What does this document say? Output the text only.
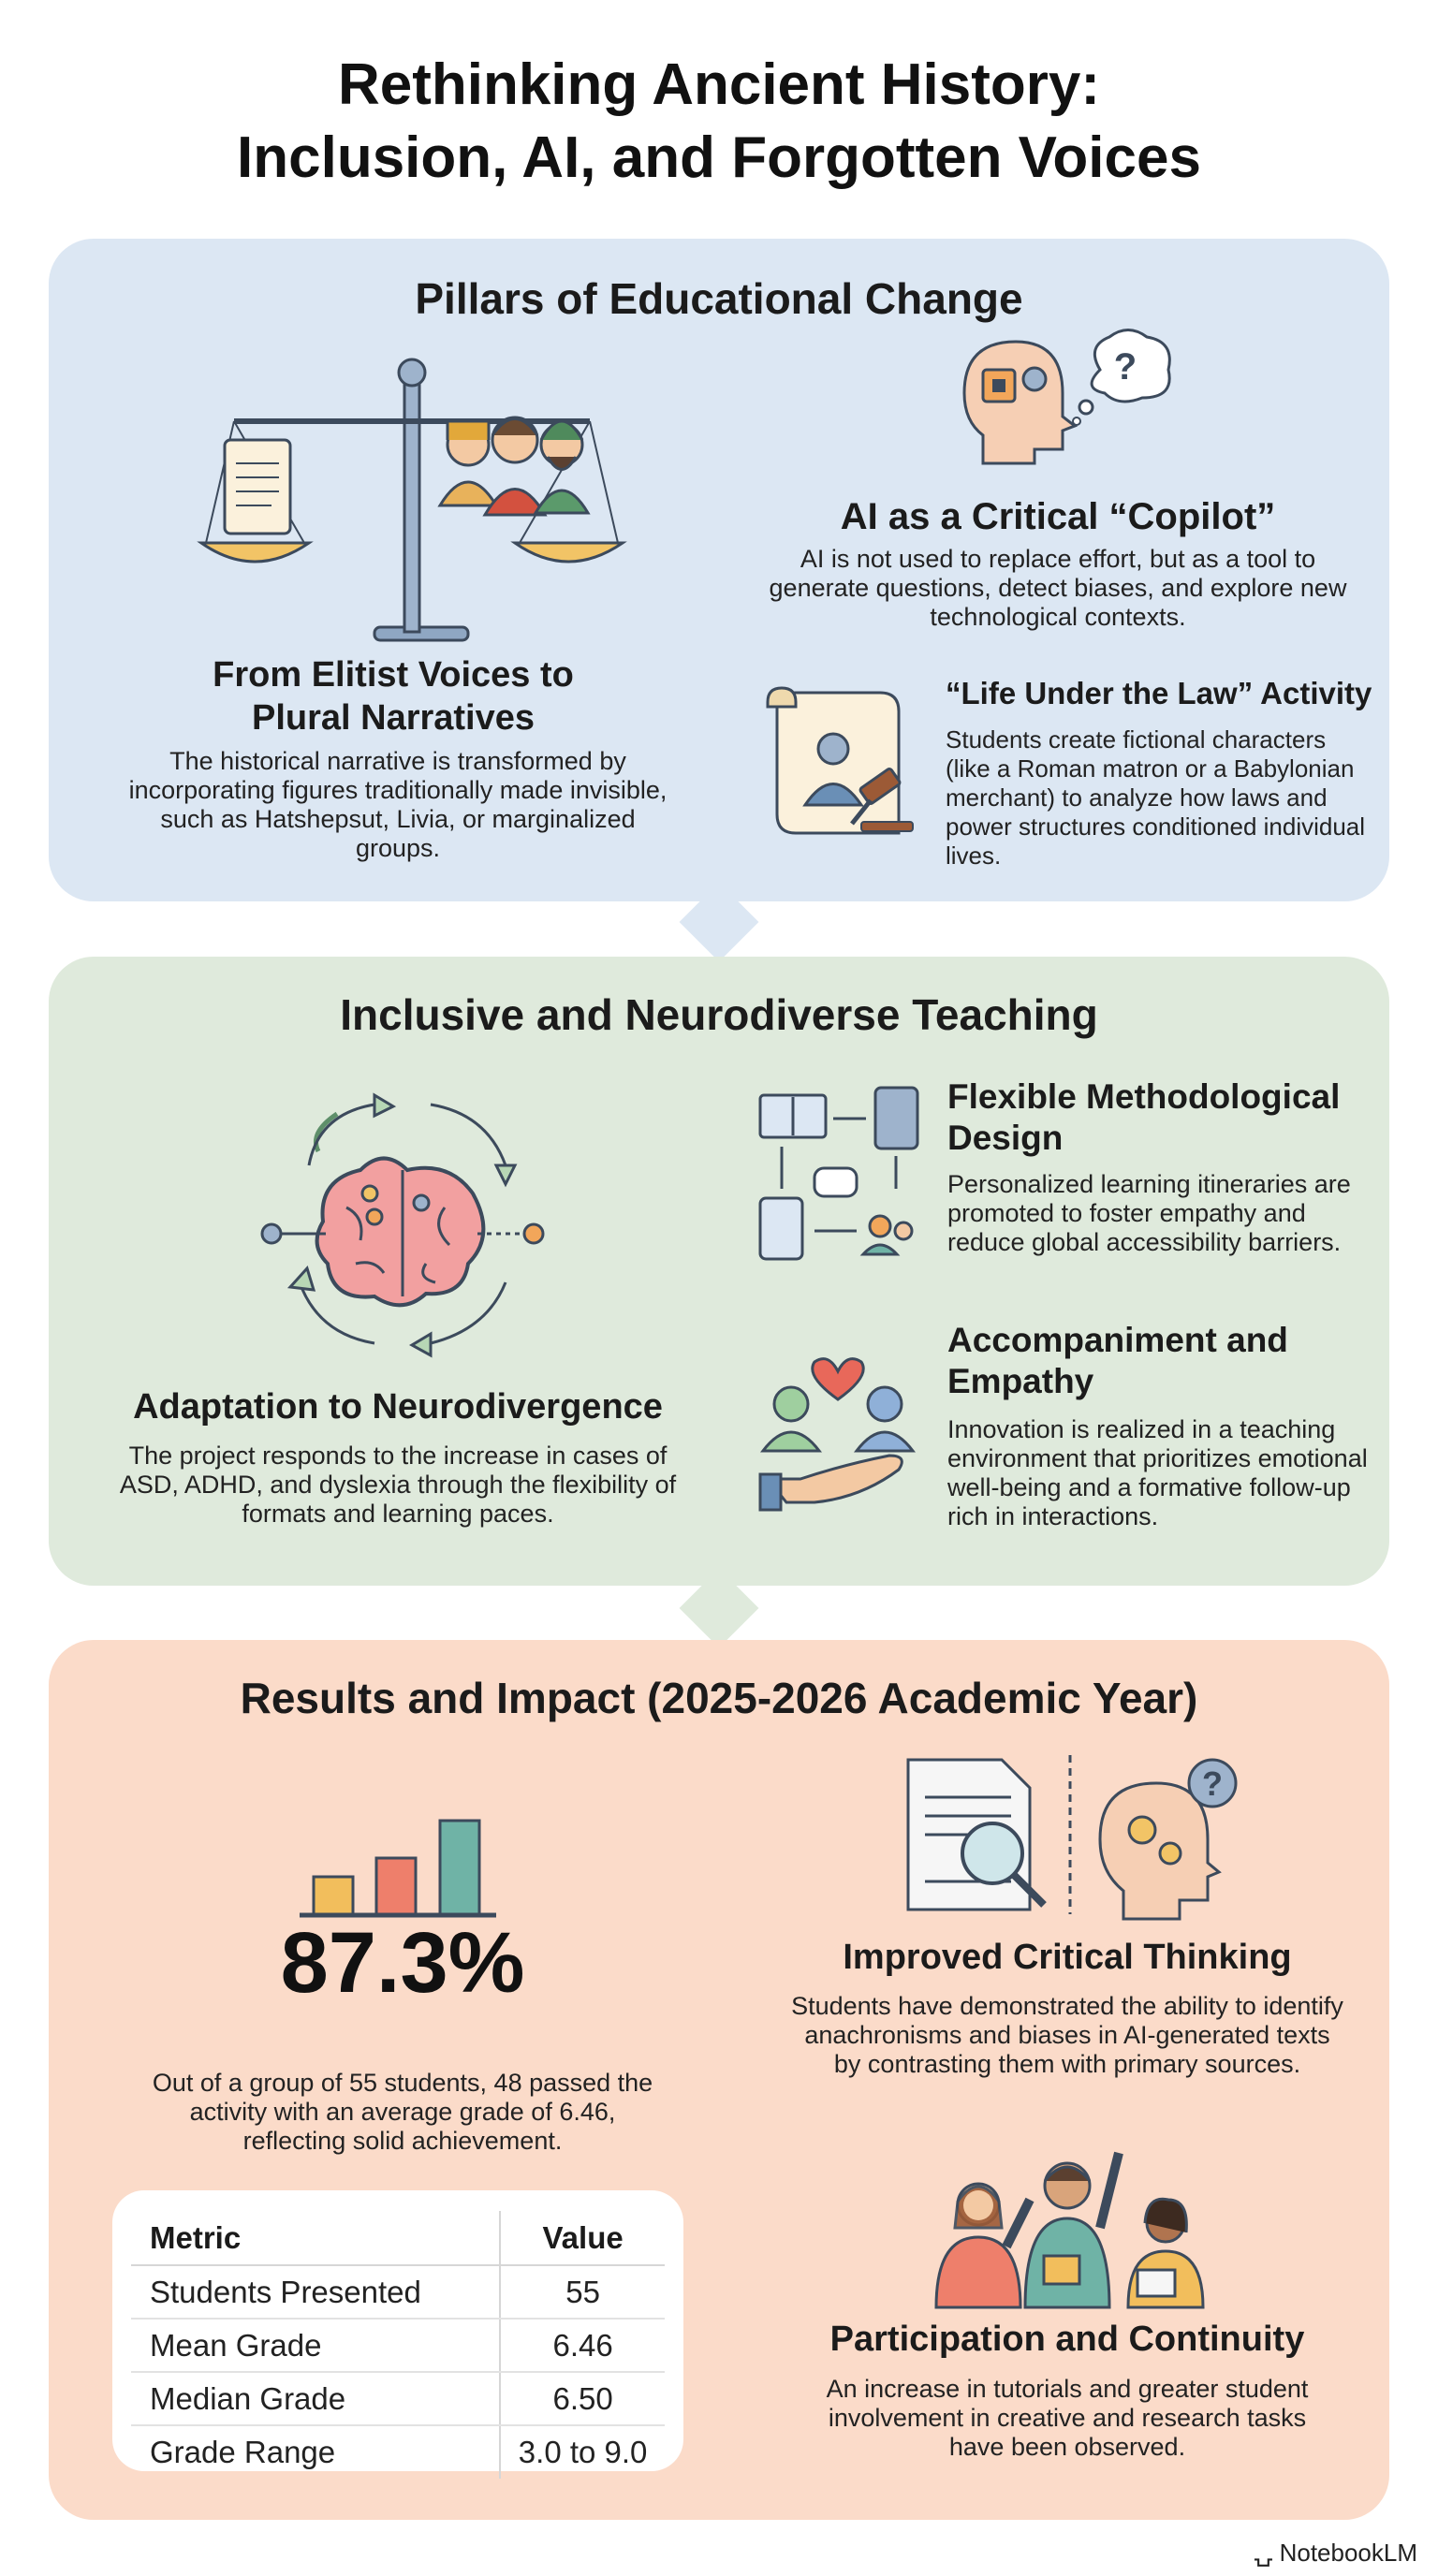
Rethinking Ancient History:
Inclusion, AI, and Forgotten Voices
Pillars of Educational Change
From Elitist Voices to
Plural Narratives
The historical narrative is transformed by incorporating figures traditionally made invisible, such as Hatshepsut, Livia, or marginalized groups.
?
AI as a Critical “Copilot”
AI is not used to replace effort, but as a tool to generate questions, detect biases, and explore new technological contexts.
“Life Under the Law” Activity
Students create fictional characters (like a Roman matron or a Babylonian merchant) to analyze how laws and power structures conditioned individual lives.
Inclusive and Neurodiverse Teaching
Adaptation to Neurodivergence
The project responds to the increase in cases of ASD, ADHD, and dyslexia through the flexibility of formats and learning paces.
Flexible Methodological
Design
Personalized learning itineraries are promoted to foster empathy and reduce global accessibility barriers.
Accompaniment and
Empathy
Innovation is realized in a teaching environment that prioritizes emotional well-being and a formative follow-up rich in interactions.
Results and Impact (2025-2026 Academic Year)
87.3%
Out of a group of 55 students, 48 passed the activity with an average grade of 6.46, reflecting solid achievement.
Metric	Value
Students Presented	55
Mean Grade	6.46
Median Grade	6.50
Grade Range	3.0 to 9.0
?
Improved Critical Thinking
Students have demonstrated the ability to identify anachronisms and biases in AI-generated texts by contrasting them with primary sources.
Participation and Continuity
An increase in tutorials and greater student involvement in creative and research tasks have been observed.
⍽ NotebookLM
